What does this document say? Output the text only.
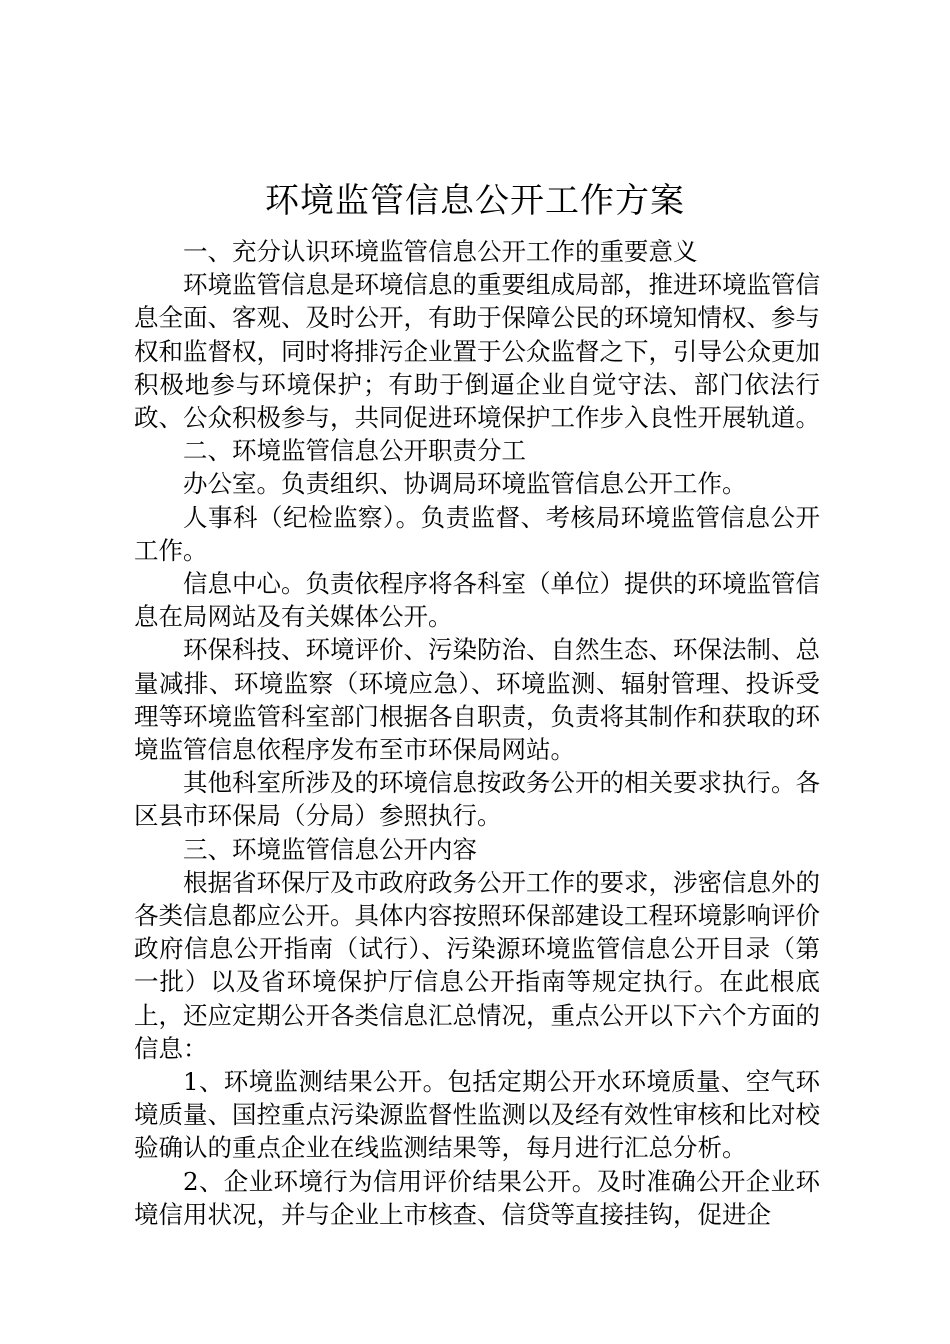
环境监管信息公开工作方案

一、充分认识环境监管信息公开工作的重要意义

环境监管信息是环境信息的重要组成局部，推进环境监管信息全面、客观、及时公开，有助于保障公民的环境知情权、参与权和监督权，同时将排污企业置于公众监督之下，引导公众更加积极地参与环境保护；有助于倒逼企业自觉守法、部门依法行政、公众积极参与，共同促进环境保护工作步入良性开展轨道。

二、环境监管信息公开职责分工

办公室。负责组织、协调局环境监管信息公开工作。

人事科（纪检监察）。负责监督、考核局环境监管信息公开工作。

信息中心。负责依程序将各科室（单位）提供的环境监管信息在局网站及有关媒体公开。

环保科技、环境评价、污染防治、自然生态、环保法制、总量减排、环境监察（环境应急）、环境监测、辐射管理、投诉受理等环境监管科室部门根据各自职责，负责将其制作和获取的环境监管信息依程序发布至市环保局网站。

其他科室所涉及的环境信息按政务公开的相关要求执行。各区县市环保局（分局）参照执行。

三、环境监管信息公开内容

根据省环保厅及市政府政务公开工作的要求，涉密信息外的各类信息都应公开。具体内容按照环保部建设工程环境影响评价政府信息公开指南（试行）、污染源环境监管信息公开目录（第一批）以及省环境保护厅信息公开指南等规定执行。在此根底上，还应定期公开各类信息汇总情况，重点公开以下六个方面的信息：

1、环境监测结果公开。包括定期公开水环境质量、空气环境质量、国控重点污染源监督性监测以及经有效性审核和比对校验确认的重点企业在线监测结果等，每月进行汇总分析。

2、企业环境行为信用评价结果公开。及时准确公开企业环境信用状况，并与企业上市核查、信贷等直接挂钩，促进企
